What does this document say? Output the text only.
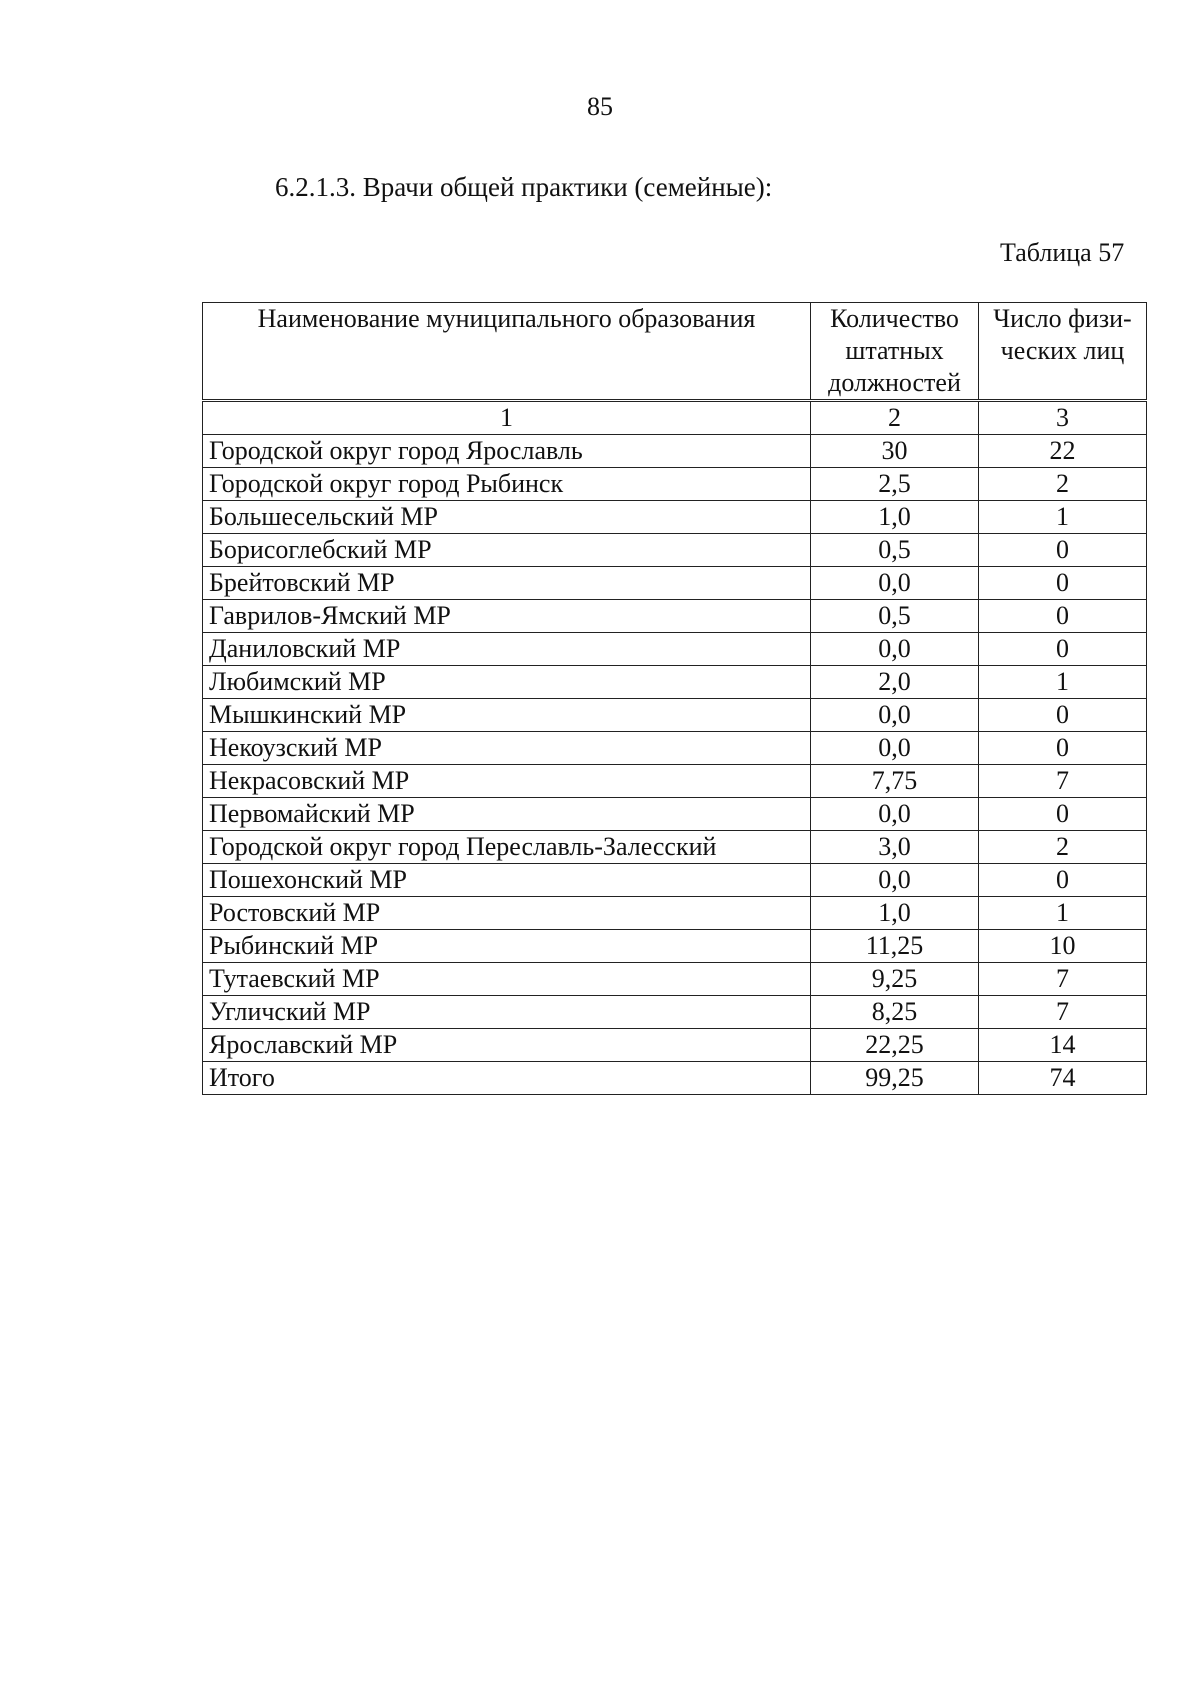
85
6.2.1.3. Врачи общей практики (семейные):
Таблица 57
Наименование муниципального образования	Количество штатных должностей	Число физи- ческих лиц
1	2	3
Городской округ город Ярославль	30	22
Городской округ город Рыбинск	2,5	2
Большесельский МР	1,0	1
Борисоглебский МР	0,5	0
Брейтовский МР	0,0	0
Гаврилов-Ямский МР	0,5	0
Даниловский МР	0,0	0
Любимский МР	2,0	1
Мышкинский МР	0,0	0
Некоузский МР	0,0	0
Некрасовский МР	7,75	7
Первомайский МР	0,0	0
Городской округ город Переславль-Залесский	3,0	2
Пошехонский МР	0,0	0
Ростовский МР	1,0	1
Рыбинский МР	11,25	10
Тутаевский МР	9,25	7
Угличский МР	8,25	7
Ярославский МР	22,25	14
Итого	99,25	74
